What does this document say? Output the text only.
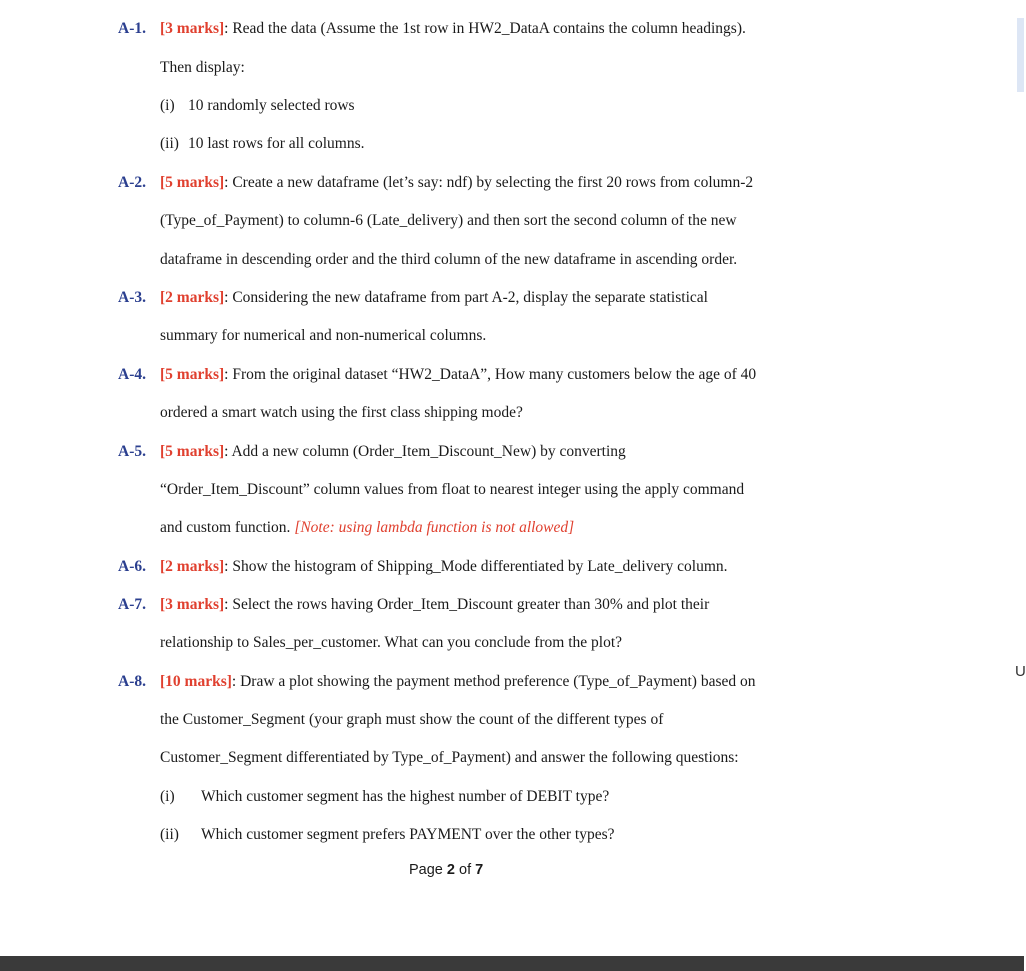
A-1. [3 marks]: Read the data (Assume the 1st row in HW2_DataA contains the column headings).
Then display:
(i) 10 randomly selected rows
(ii) 10 last rows for all columns.
A-2. [5 marks]: Create a new dataframe (let’s say: ndf) by selecting the first 20 rows from column-2
(Type_of_Payment) to column-6 (Late_delivery) and then sort the second column of the new
dataframe in descending order and the third column of the new dataframe in ascending order.
A-3. [2 marks]: Considering the new dataframe from part A-2, display the separate statistical
summary for numerical and non-numerical columns.
A-4. [5 marks]: From the original dataset “HW2_DataA”, How many customers below the age of 40
ordered a smart watch using the first class shipping mode?
A-5. [5 marks]: Add a new column (Order_Item_Discount_New) by converting
“Order_Item_Discount” column values from float to nearest integer using the apply command
and custom function. [Note: using lambda function is not allowed]
A-6. [2 marks]: Show the histogram of Shipping_Mode differentiated by Late_delivery column.
A-7. [3 marks]: Select the rows having Order_Item_Discount greater than 30% and plot their
relationship to Sales_per_customer. What can you conclude from the plot?
A-8. [10 marks]: Draw a plot showing the payment method preference (Type_of_Payment) based on
the Customer_Segment (your graph must show the count of the different types of
Customer_Segment differentiated by Type_of_Payment) and answer the following questions:
(i) Which customer segment has the highest number of DEBIT type?
(ii) Which customer segment prefers PAYMENT over the other types?
Page 2 of 7
U
